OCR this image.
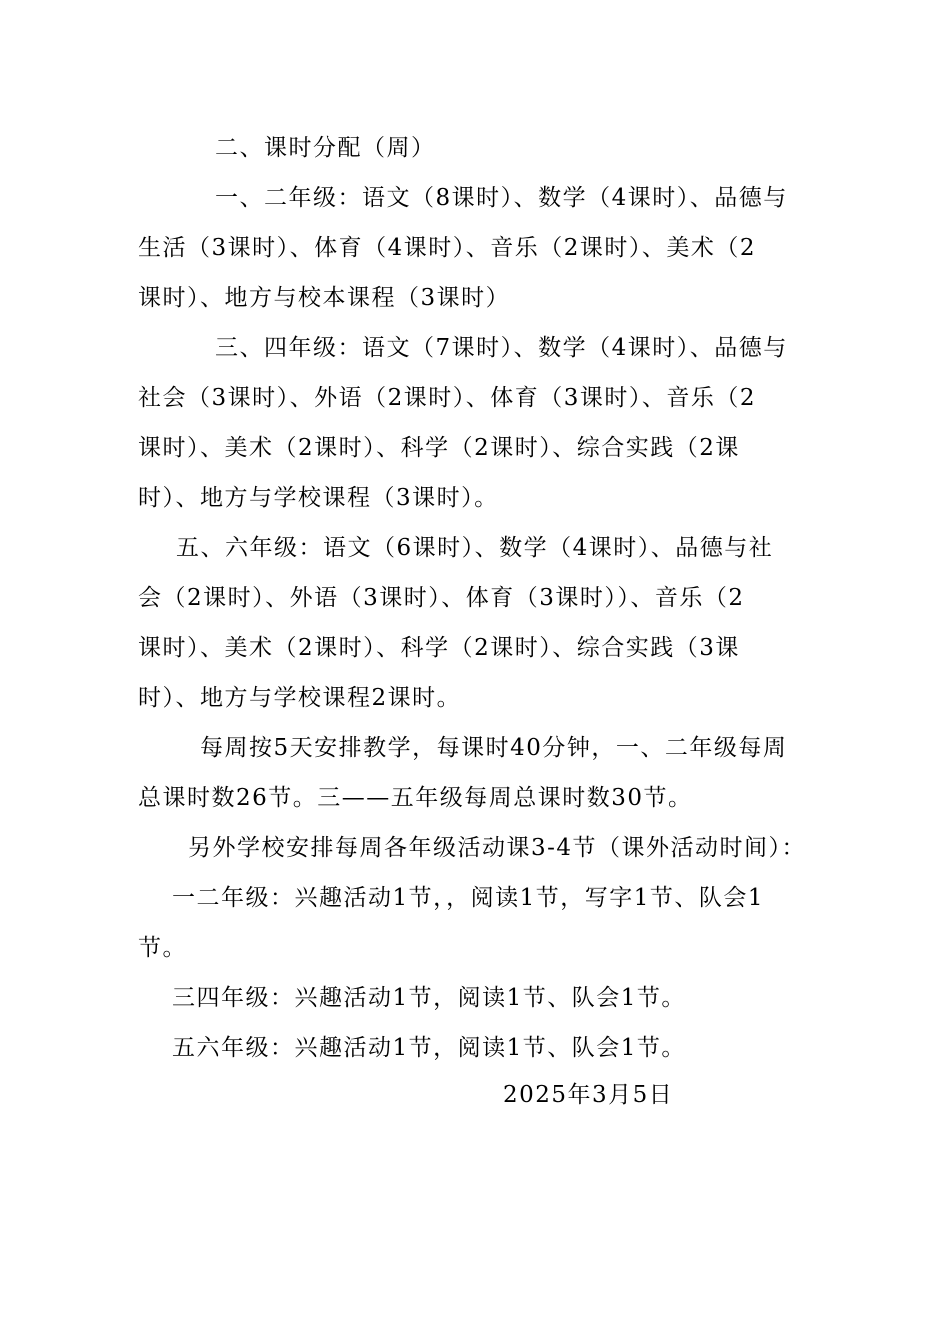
二、课时分配（周）
一、二年级：语文（8课时）、数学（4课时）、品德与
生活（3课时）、体育（4课时）、音乐（2课时）、美术（2
课时）、地方与校本课程（3课时）
三、四年级：语文（7课时）、数学（4课时）、品德与
社会（3课时）、外语（2课时）、体育（3课时）、音乐（2
课时）、美术（2课时）、科学（2课时）、综合实践（2课
时）、地方与学校课程（3课时）。
五、六年级：语文（6课时）、数学（4课时）、品德与社
会（2课时）、外语（3课时）、体育（3课时））、音乐（2
课时）、美术（2课时）、科学（2课时）、综合实践（3课
时）、地方与学校课程2课时。
每周按5天安排教学，每课时40分钟，一、二年级每周
总课时数26节。三——五年级每周总课时数30节。
另外学校安排每周各年级活动课3-4节（课外活动时间）：
一二年级：兴趣活动1节，，阅读1节，写字1节、队会1
节。
三四年级：兴趣活动1节，阅读1节、队会1节。
五六年级：兴趣活动1节，阅读1节、队会1节。
2025年3月5日
